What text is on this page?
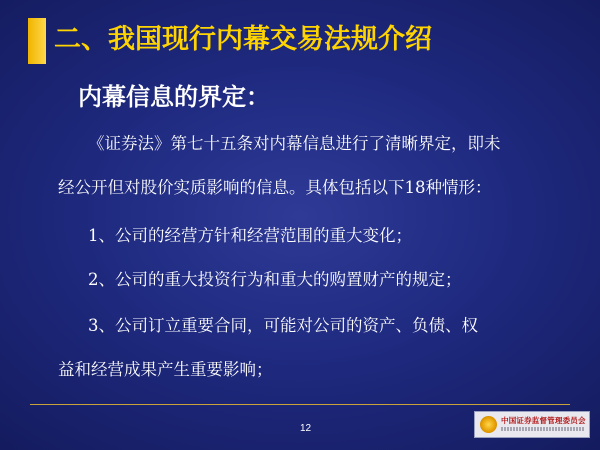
二、我国现行内幕交易法规介绍
内幕信息的界定：
《证券法》第七十五条对内幕信息进行了清晰界定，即未
经公开但对股价实质影响的信息。具体包括以下18种情形：
1、公司的经营方针和经营范围的重大变化；
2、公司的重大投资行为和重大的购置财产的规定；
3、公司订立重要合同，可能对公司的资产、负债、权
益和经营成果产生重要影响；
12
中国证券监督管理委员会
